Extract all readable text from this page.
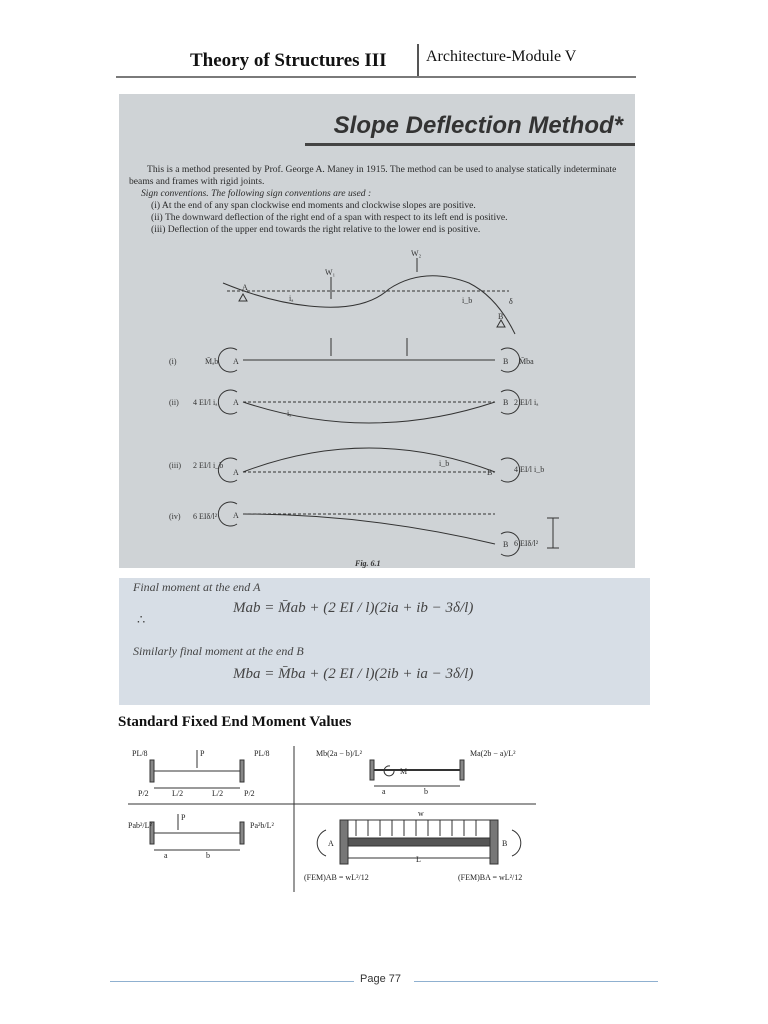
Theory of Structures III Architecture-Module V
Slope Deflection Method*
This is a method presented by Prof. George A. Maney in 1915. The method can be used to analyse statically indeterminate beams and frames with rigid joints.
Sign conventions. The following sign conventions are used :
(i) At the end of any span clockwise end moments and clockwise slopes are positive.
(ii) The downward deflection of the right end of a span with respect to its left end is positive.
(iii) Deflection of the upper end towards the right relative to the lower end is positive.
W₁
W₂
iₐ	i_b	δ
A
B
(i)	M̄ₐb	M̄ba
A	B
(ii) 4 EI/l iₐ	2 EI/l iₐ
A	B
iₐ
(iii) 2 EI/l i_b	4 EI/l i_b
A	B
i_b
(iv) 6 EIδ/l²
6 EIδ/l²
A
B
Fig. 6.1
Final moment at the end A
∴
Mab = M̄ab + (2 EI / l)(2ia + ib − 3δ/l)
Similarly final moment at the end B
Mba = M̄ba + (2 EI / l)(2ib + ia − 3δ/l)
Standard Fixed End Moment Values
PL/8	PL/8
P
L/2	L/2
P/2	P/2
Mb(2a − b)/L²	Ma(2b − a)/L²
M
a	b
Pab²/L²	Pa²b/L²
P
a	b
w
A	B
L
(FEM)AB = wL²/12	(FEM)BA = wL²/12
Page 77
